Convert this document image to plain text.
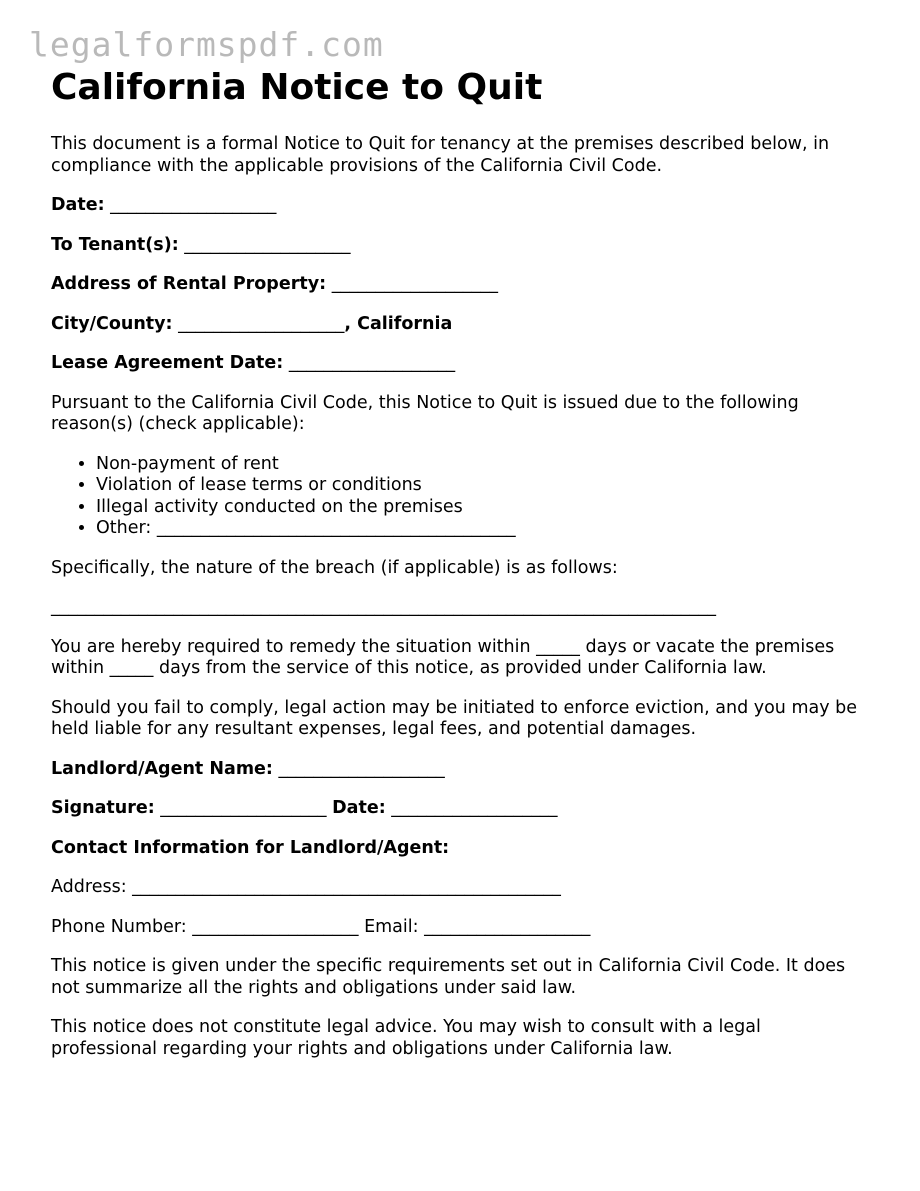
legalformspdf.com
California Notice to Quit

This document is a formal Notice to Quit for tenancy at the premises described below, in compliance with the applicable provisions of the California Civil Code.

Date: ___________________

To Tenant(s): ___________________

Address of Rental Property: ___________________

City/County: ___________________, California

Lease Agreement Date: ___________________

Pursuant to the California Civil Code, this Notice to Quit is issued due to the following reason(s) (check applicable):

• Non-payment of rent
• Violation of lease terms or conditions
• Illegal activity conducted on the premises
• Other: _________________________________________

Specifically, the nature of the breach (if applicable) is as follows:

____________________________________________________________________________

You are hereby required to remedy the situation within _____ days or vacate the premises within _____ days from the service of this notice, as provided under California law.

Should you fail to comply, legal action may be initiated to enforce eviction, and you may be held liable for any resultant expenses, legal fees, and potential damages.

Landlord/Agent Name: ___________________

Signature: ___________________ Date: ___________________

Contact Information for Landlord/Agent:

Address: _________________________________________________

Phone Number: ___________________ Email: ___________________

This notice is given under the specific requirements set out in California Civil Code. It does not summarize all the rights and obligations under said law.

This notice does not constitute legal advice. You may wish to consult with a legal professional regarding your rights and obligations under California law.
